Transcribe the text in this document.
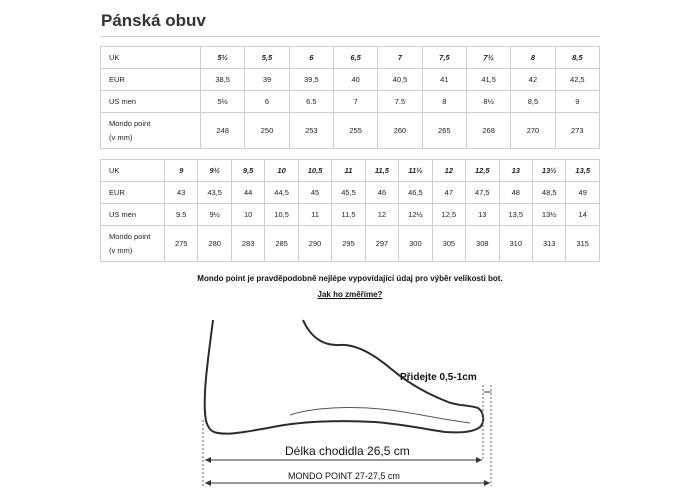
Pánská obuv
UK	5½	5,5	6	6,5	7	7,5	7½	8	8,5
EUR	38,5	39	39,5	40	40,5	41	41,5	42	42,5
US men	5½	6	6.5	7	7.5	8	8½	8,5	9
Mondo point
(v mm)	248	250	253	255	260	265	268	270	273
UK	9	9½	9,5	10	10,5	11	11,5	11½	12	12,5	13	13½	13,5
EUR	43	43,5	44	44,5	45	45,5	46	46,5	47	47,5	48	48,5	49
US men	9.5	9½	10	10,5	11	11,5	12	12½	12,5	13	13,5	13½	14
Mondo point
(v mm)	275	280	283	285	290	295	297	300	305	308	310	313	315
Mondo point je pravděpodobně nejlépe vypovídající údaj pro výběr velikosti bot.
Jak ho změříme?
Přidejte 0,5-1cm
Délka chodidla 26,5 cm
MONDO POINT 27-27,5 cm
